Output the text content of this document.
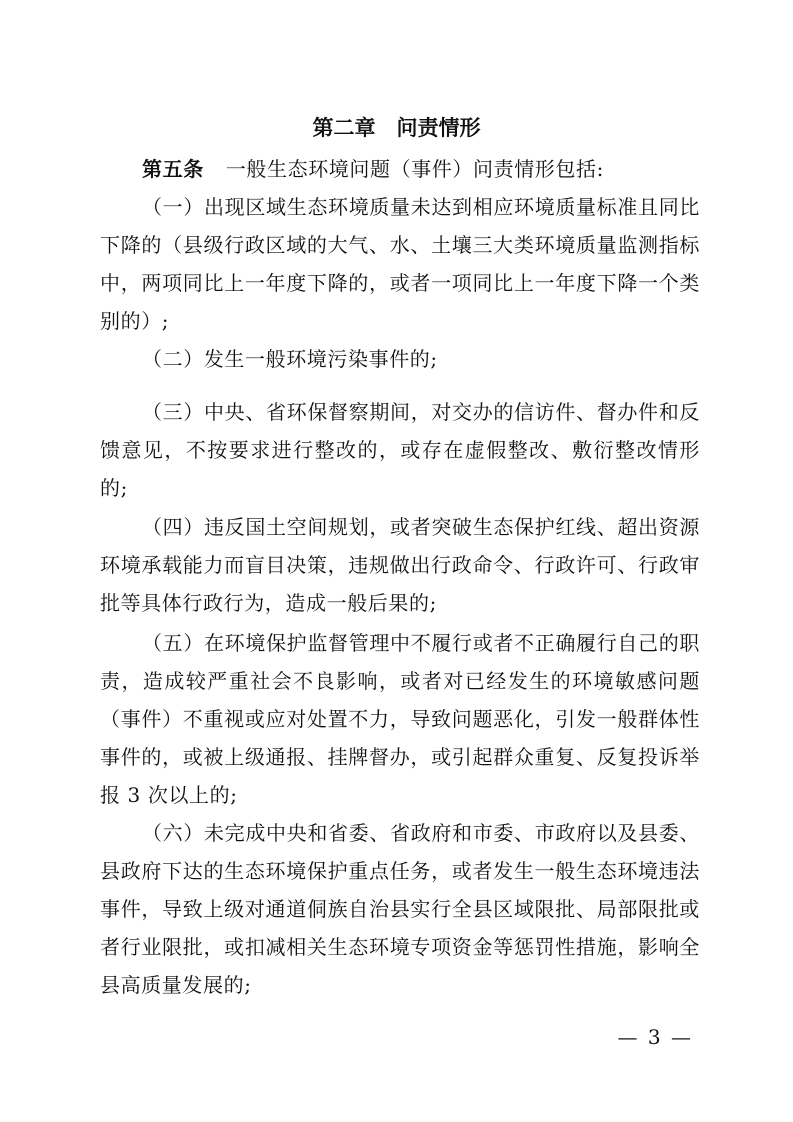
第二章　问责情形

第五条 一般生态环境问题（事件）问责情形包括:

（一）出现区域生态环境质量未达到相应环境质量标准且同比下降的（县级行政区域的大气、水、土壤三大类环境质量监测指标中，两项同比上一年度下降的，或者一项同比上一年度下降一个类别的）;

（二）发生一般环境污染事件的;

（三）中央、省环保督察期间，对交办的信访件、督办件和反馈意见，不按要求进行整改的，或存在虚假整改、敷衍整改情形的;

（四）违反国土空间规划，或者突破生态保护红线、超出资源环境承载能力而盲目决策，违规做出行政命令、行政许可、行政审批等具体行政行为，造成一般后果的;

（五）在环境保护监督管理中不履行或者不正确履行自己的职责，造成较严重社会不良影响，或者对已经发生的环境敏感问题（事件）不重视或应对处置不力，导致问题恶化，引发一般群体性事件的，或被上级通报、挂牌督办，或引起群众重复、反复投诉举报 3 次以上的;

（六）未完成中央和省委、省政府和市委、市政府以及县委、县政府下达的生态环境保护重点任务，或者发生一般生态环境违法事件，导致上级对通道侗族自治县实行全县区域限批、局部限批或者行业限批，或扣减相关生态环境专项资金等惩罚性措施，影响全县高质量发展的;

— 3 —
